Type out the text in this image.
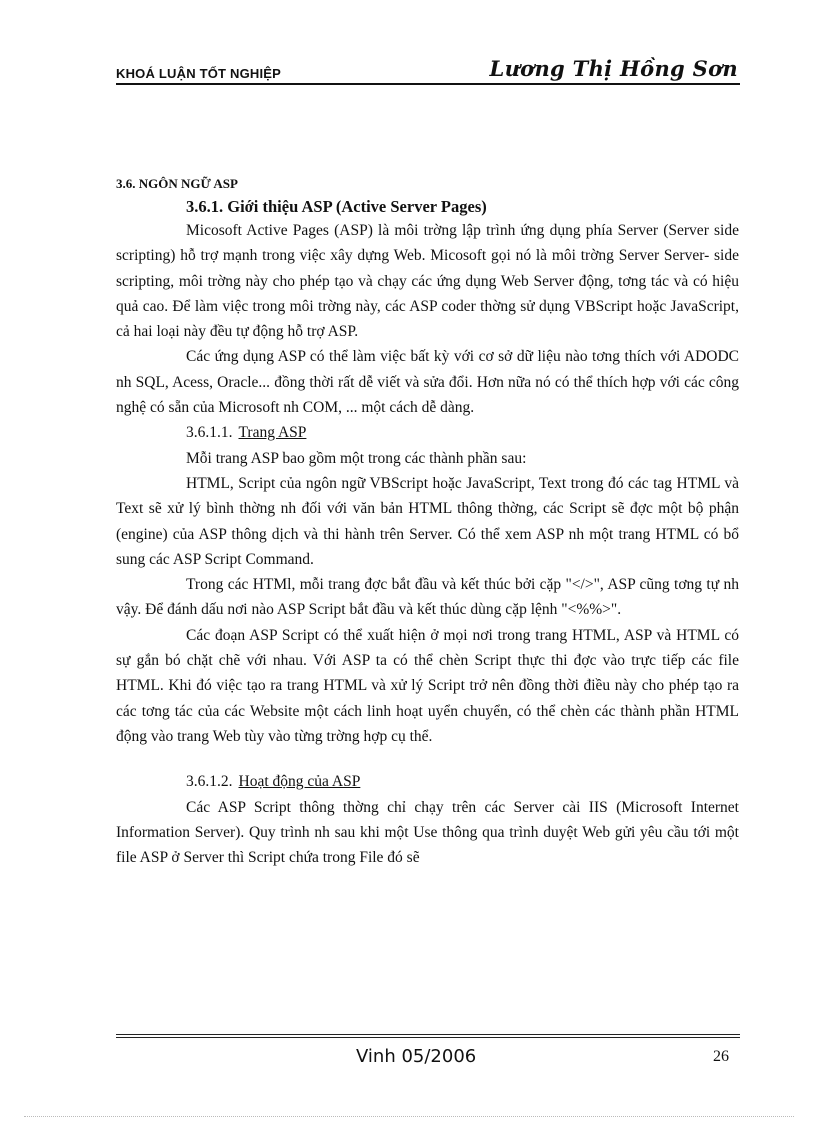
KHOÁ LUẬN TỐT NGHIỆP	Lương Thị Hồng Sơn
3.6. NGÔN NGỮ ASP
3.6.1. Giới thiệu ASP (Active Server Pages)

Micosoft Active Pages (ASP) là môi trờng lập trình ứng dụng phía Server (Server side scripting) hỗ trợ mạnh trong việc xây dựng Web. Micosoft gọi nó là môi trờng Server Server- side scripting, môi trờng này cho phép tạo và chạy các ứng dụng Web Server động, tơng tác và có hiệu quả cao. Để làm việc trong môi trờng này, các ASP coder thờng sử dụng VBScript hoặc JavaScript, cả hai loại này đều tự động hỗ trợ ASP.

Các ứng dụng ASP có thể làm việc bất kỳ với cơ sở dữ liệu nào tơng thích với ADODC nh SQL, Acess, Oracle... đồng thời rất dễ viết và sửa đổi. Hơn nữa nó có thể thích hợp với các công nghệ có sẵn của Microsoft nh COM, ... một cách dễ dàng.

3.6.1.1. Trang ASP

Mỗi trang ASP bao gồm một trong các thành phần sau:

HTML, Script của ngôn ngữ VBScript hoặc JavaScript, Text trong đó các tag HTML và Text sẽ xử lý bình thờng nh đối với văn bản HTML thông thờng, các Script sẽ đợc một bộ phận (engine) của ASP thông dịch và thi hành trên Server. Có thể xem ASP nh một trang HTML có bổ sung các ASP Script Command.

Trong các HTMl, mỗi trang đợc bắt đầu và kết thúc bởi cặp "</>", ASP cũng tơng tự nh vậy. Để đánh dấu nơi nào ASP Script bắt đầu và kết thúc dùng cặp lệnh "<%%>".

Các đoạn ASP Script có thể xuất hiện ở mọi nơi trong trang HTML, ASP và HTML có sự gắn bó chặt chẽ với nhau. Với ASP ta có thể chèn Script thực thi đợc vào trực tiếp các file HTML. Khi đó việc tạo ra trang HTML và xử lý Script trở nên đồng thời điều này cho phép tạo ra các tơng tác của các Website một cách linh hoạt uyển chuyển, có thể chèn các thành phần HTML động vào trang Web tùy vào từng trờng hợp cụ thể.

3.6.1.2. Hoạt động của ASP

Các ASP Script thông thờng chỉ chạy trên các Server cài IIS (Microsoft Internet Information Server). Quy trình nh sau khi một Use thông qua trình duyệt Web gửi yêu cầu tới một file ASP ở Server thì Script chứa trong File đó sẽ

Vinh 05/2006	26
